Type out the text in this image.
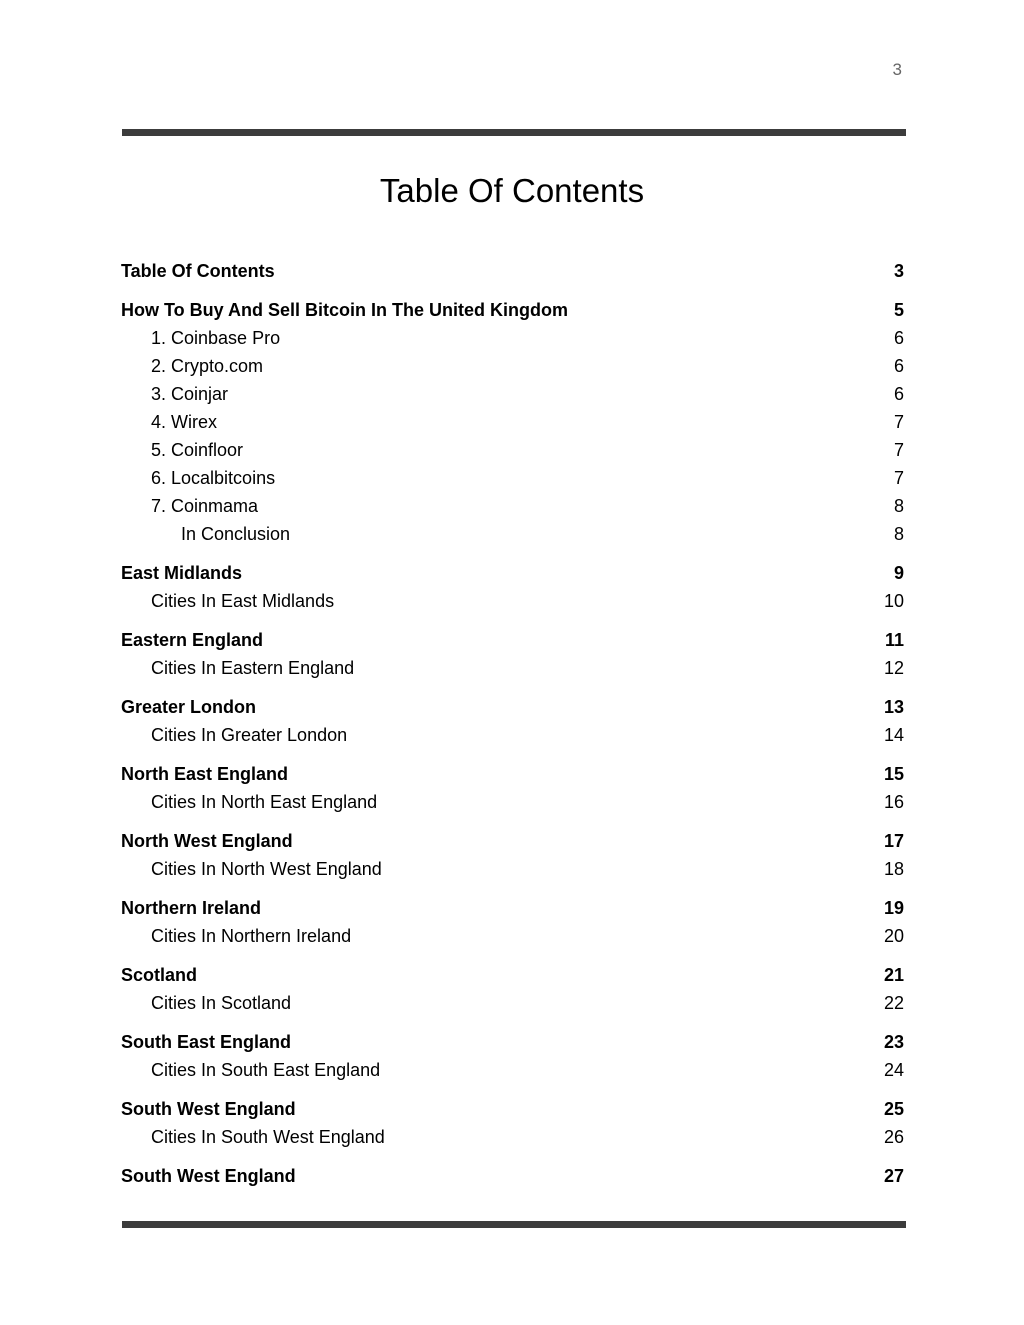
3
Table Of Contents
Table Of Contents	3
How To Buy And Sell Bitcoin In The United Kingdom	5
1. Coinbase Pro	6
2. Crypto.com	6
3. Coinjar	6
4. Wirex	7
5. Coinfloor	7
6. Localbitcoins	7
7. Coinmama	8
In Conclusion	8
East Midlands	9
Cities In East Midlands	10
Eastern England	11
Cities In Eastern England	12
Greater London	13
Cities In Greater London	14
North East England	15
Cities In North East England	16
North West England	17
Cities In North West England	18
Northern Ireland	19
Cities In Northern Ireland	20
Scotland	21
Cities In Scotland	22
South East England	23
Cities In South East England	24
South West England	25
Cities In South West England	26
South West England	27
